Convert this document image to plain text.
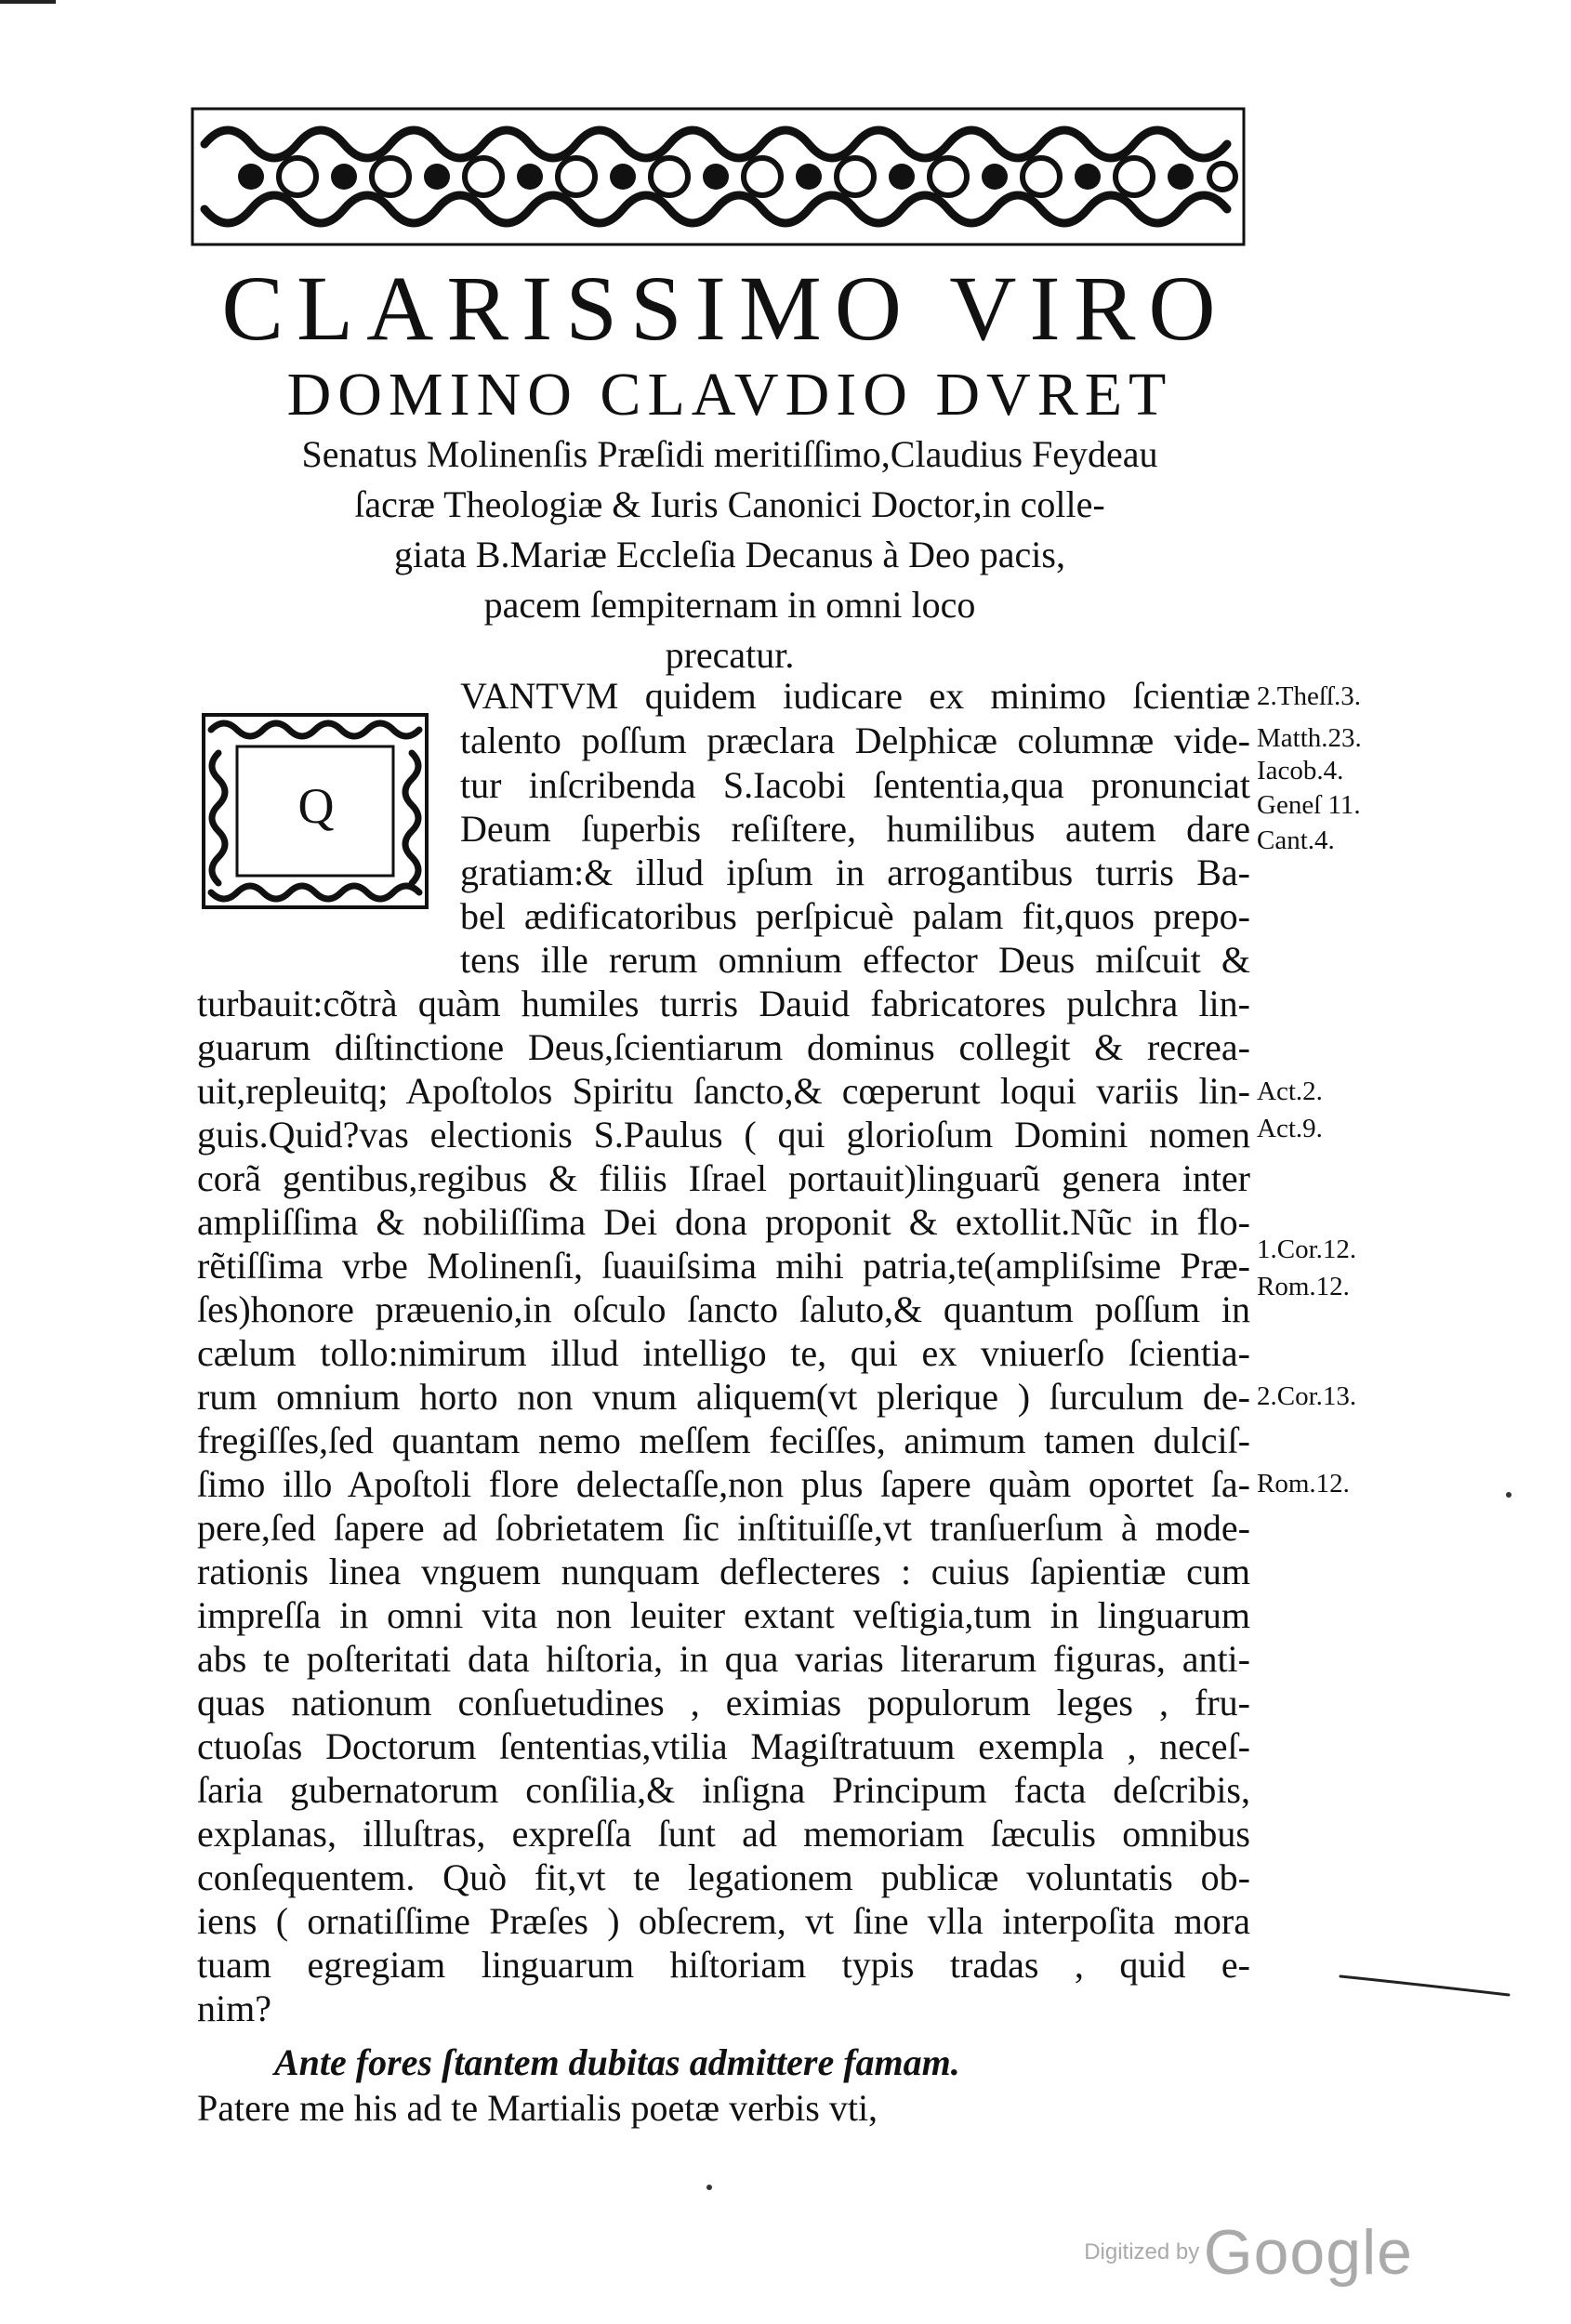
CLARISSIMO VIRO
DOMINO CLAVDIO DVRET
Senatus Molinenſis Præſidi meritiſſimo,Claudius Feydeau
ſacræ Theologiæ & Iuris Canonici Doctor,in colle-
giata B.Mariæ Eccleſia Decanus à Deo pacis,
pacem ſempiternam in omni loco
precatur.
Q
VANTVM quidem iudicare ex minimo ſcientiæ
talento poſſum præclara Delphicæ columnæ vide-
tur inſcribenda S.Iacobi ſententia,qua pronunciat
Deum ſuperbis reſiſtere, humilibus autem dare
gratiam:& illud ipſum in arrogantibus turris Ba-
bel ædificatoribus perſpicuè palam fit,quos prepo-
tens ille rerum omnium effector Deus miſcuit &
turbauit:cõtrà quàm humiles turris Dauid fabricatores pulchra lin-
guarum diſtinctione Deus,ſcientiarum dominus collegit & recrea-
uit,repleuitq; Apoſtolos Spiritu ſancto,& cœperunt loqui variis lin-
guis.Quid?vas electionis S.Paulus ( qui glorioſum Domini nomen
corã gentibus,regibus & filiis Iſrael portauit)linguarũ genera inter
ampliſſima & nobiliſſima Dei dona proponit & extollit.Nũc in flo-
rẽtiſſima vrbe Molinenſi, ſuauiſsima mihi patria,te(ampliſsime Præ-
ſes)honore præuenio,in oſculo ſancto ſaluto,& quantum poſſum in
cælum tollo:nimirum illud intelligo te, qui ex vniuerſo ſcientia-
rum omnium horto non vnum aliquem(vt plerique ) ſurculum de-
fregiſſes,ſed quantam nemo meſſem feciſſes, animum tamen dulciſ-
ſimo illo Apoſtoli flore delectaſſe,non plus ſapere quàm oportet ſa-
pere,ſed ſapere ad ſobrietatem ſic inſtituiſſe,vt tranſuerſum à mode-
rationis linea vnguem nunquam deflecteres : cuius ſapientiæ cum
impreſſa in omni vita non leuiter extant veſtigia,tum in linguarum
abs te poſteritati data hiſtoria, in qua varias literarum figuras, anti-
quas nationum conſuetudines , eximias populorum leges , fru-
ctuoſas Doctorum ſententias,vtilia Magiſtratuum exempla , neceſ-
ſaria gubernatorum conſilia,& inſigna Principum facta deſcribis,
explanas, illuſtras, expreſſa ſunt ad memoriam ſæculis omnibus
conſequentem. Quò fit,vt te legationem publicæ voluntatis ob-
iens ( ornatiſſime Præſes ) obſecrem, vt ſine vlla interpoſita mora
tuam egregiam linguarum hiſtoriam typis tradas , quid e-
nim?
Ante fores ſtantem dubitas admittere famam.
Patere me his ad te Martialis poetæ verbis vti,
2.Theſſ.3.
Matth.23.
Iacob.4.
Geneſ 11.
Cant.4.
Act.2.
Act.9.
1.Cor.12.
Rom.12.
2.Cor.13.
Rom.12.
Digitized by Google
